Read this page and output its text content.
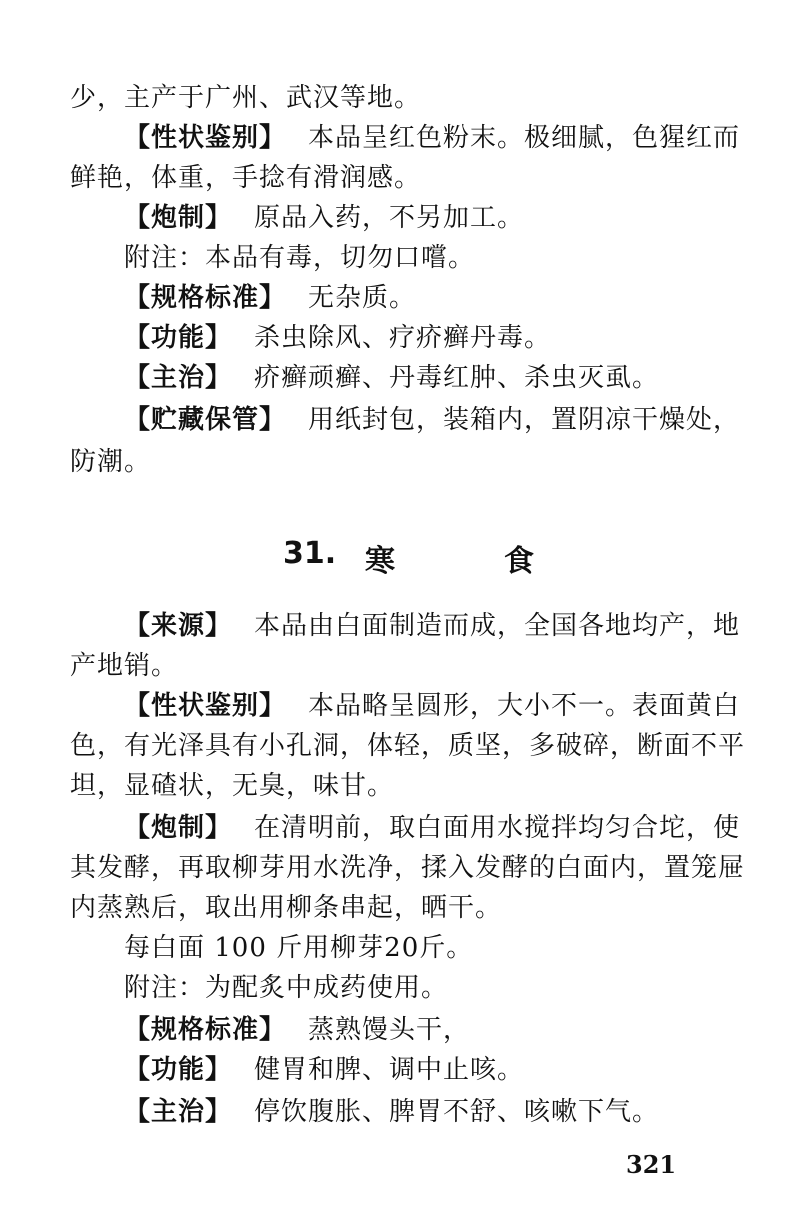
少，主产于广州、武汉等地。
【性状鉴别】 本品呈红色粉末。极细腻，色猩红而
鲜艳，体重，手捻有滑润感。
【炮制】 原品入药，不另加工。
附注：本品有毒，切勿口嚐。
【规格标准】 无杂质。
【功能】 杀虫除风、疗疥癣丹毒。
【主治】 疥癣顽癣、丹毒红肿、杀虫灭虱。
【贮藏保管】 用纸封包，装箱内，置阴凉干燥处，
防潮。
31. 寒	食
【来源】 本品由白面制造而成，全国各地均产，地
产地销。
【性状鉴别】 本品略呈圆形，大小不一。表面黄白
色，有光泽具有小孔洞，体轻，质坚，多破碎，断面不平
坦，显碴状，无臭，味甘。
【炮制】 在清明前，取白面用水搅拌均匀合坨，使
其发酵，再取柳芽用水洗净，揉入发酵的白面内，置笼屉
内蒸熟后，取出用柳条串起，晒干。
每白面 100 斤用柳芽20斤。
附注：为配炙中成药使用。
【规格标准】 蒸熟馒头干，
【功能】 健胃和脾、调中止咳。
【主治】 停饮腹胀、脾胃不舒、咳嗽下气。
321
